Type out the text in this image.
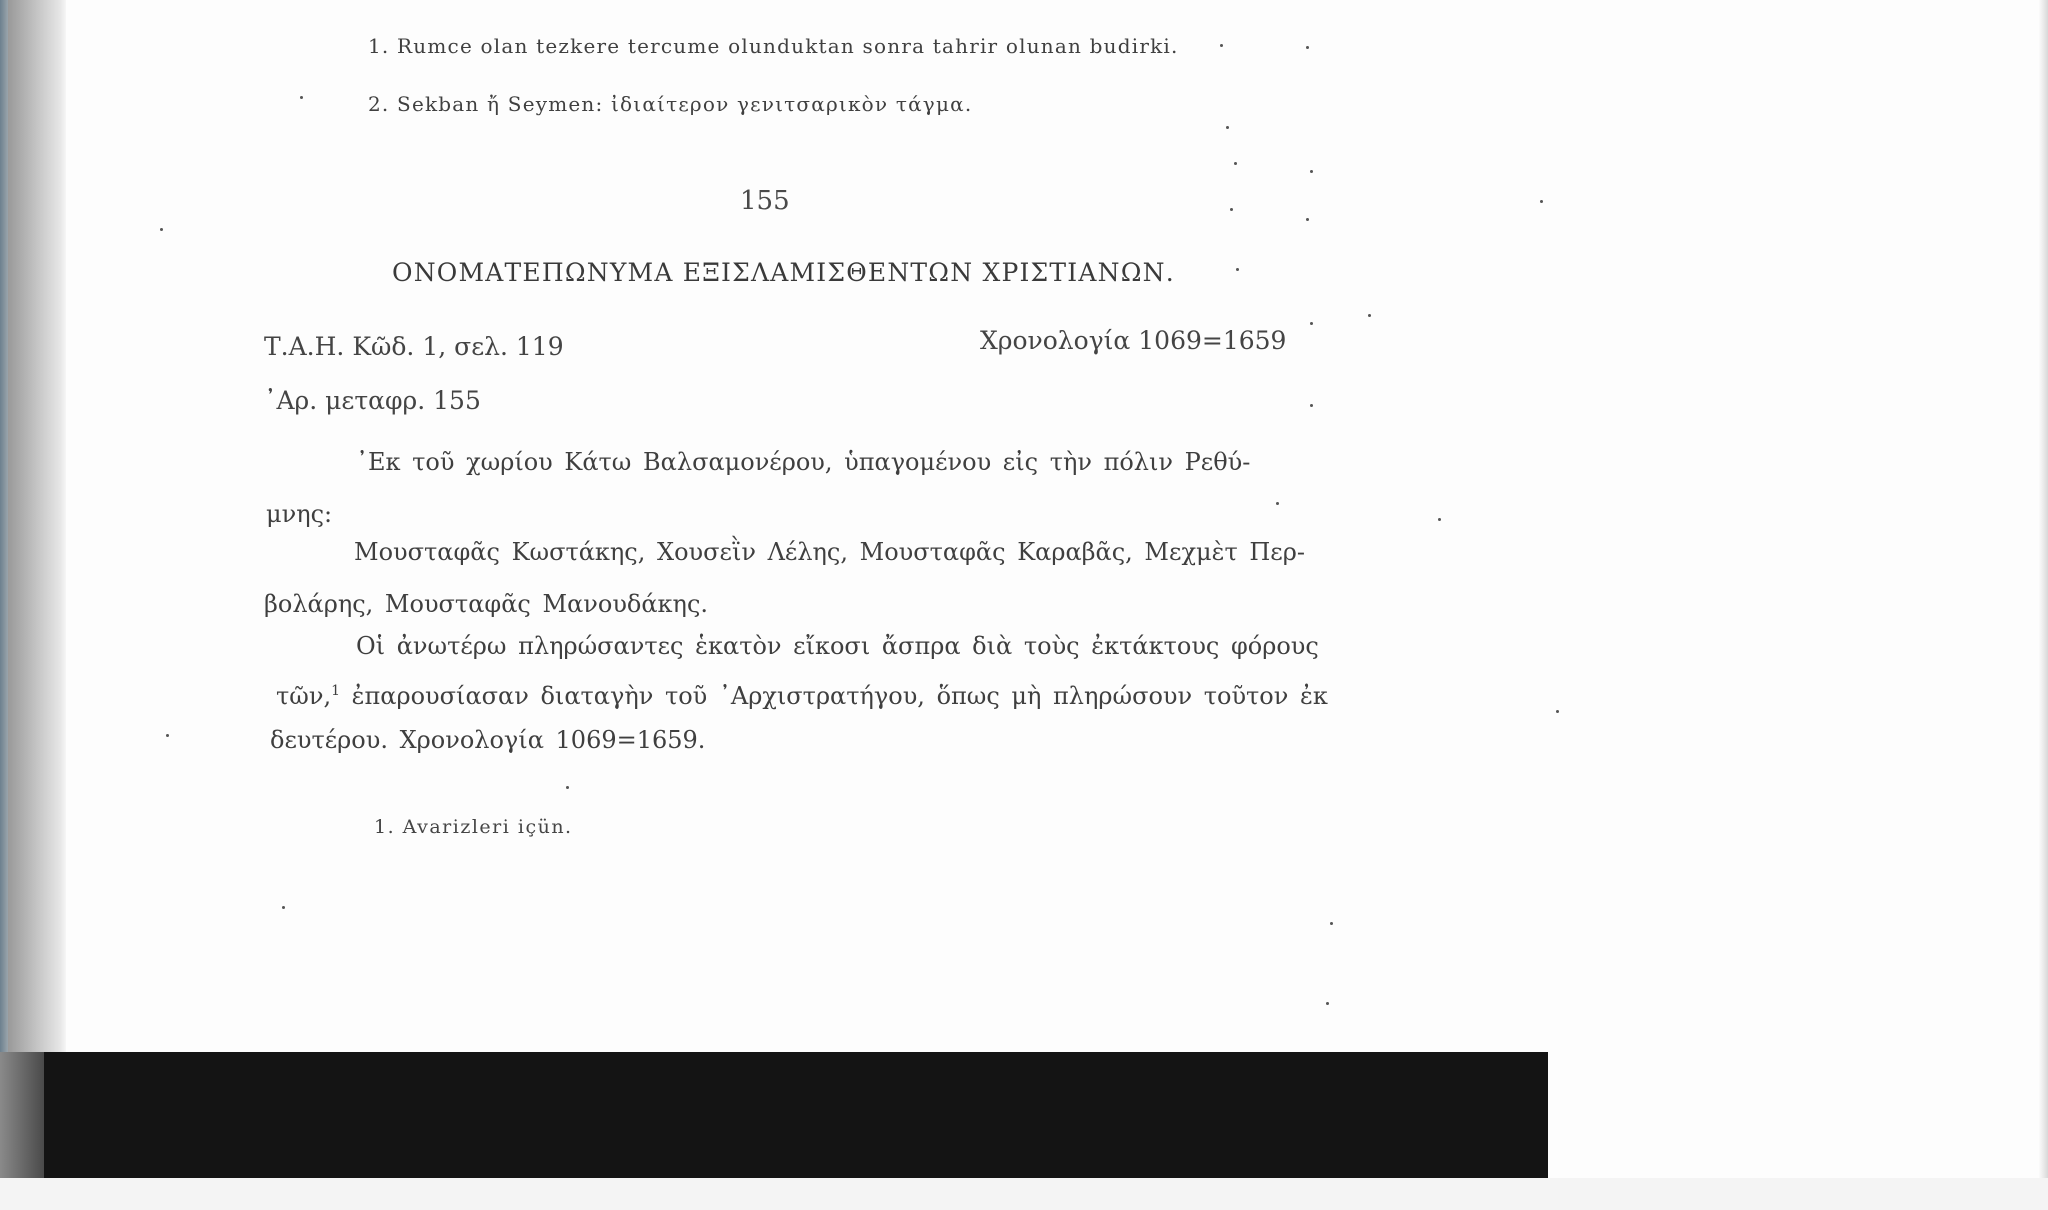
1. Rumce olan tezkere tercume olunduktan sonra tahrir olunan budirki.
2. Sekban ἤ Seymen: ἰδιαίτερον γενιτσαρικὸν τάγμα.
155
ΟΝΟΜΑΤΕΠΩΝΥΜΑ ΕΞΙΣΛΑΜΙΣΘΕΝΤΩΝ ΧΡΙΣΤΙΑΝΩΝ.
Τ.Α.Η. Κῶδ. 1, σελ. 119	Χρονολογία 1069=1659
᾿Αρ. μεταφρ. 155
᾿Εκ τοῦ χωρίου Κάτω Βαλσαμονέρου, ὑπαγομένου εἰς τὴν πόλιν Ρεθύ-
μνης:
Μουσταφᾶς Κωστάκης, Χουσεῒν Λέλης, Μουσταφᾶς Καραβᾶς, Μεχμὲτ Περ-
βολάρης, Μουσταφᾶς Μανουδάκης.
Οἱ ἀνωτέρω πληρώσαντες ἑκατὸν εἴκοσι ἄσπρα διὰ τοὺς ἐκτάκτους φόρους
τῶν,$^1$ ἐπαρουσίασαν διαταγὴν τοῦ ᾿Αρχιστρατήγου, ὅπως μὴ πληρώσουν τοῦτον ἐκ
δευτέρου. Χρονολογία 1069=1659.
1. Avarizleri içün.
